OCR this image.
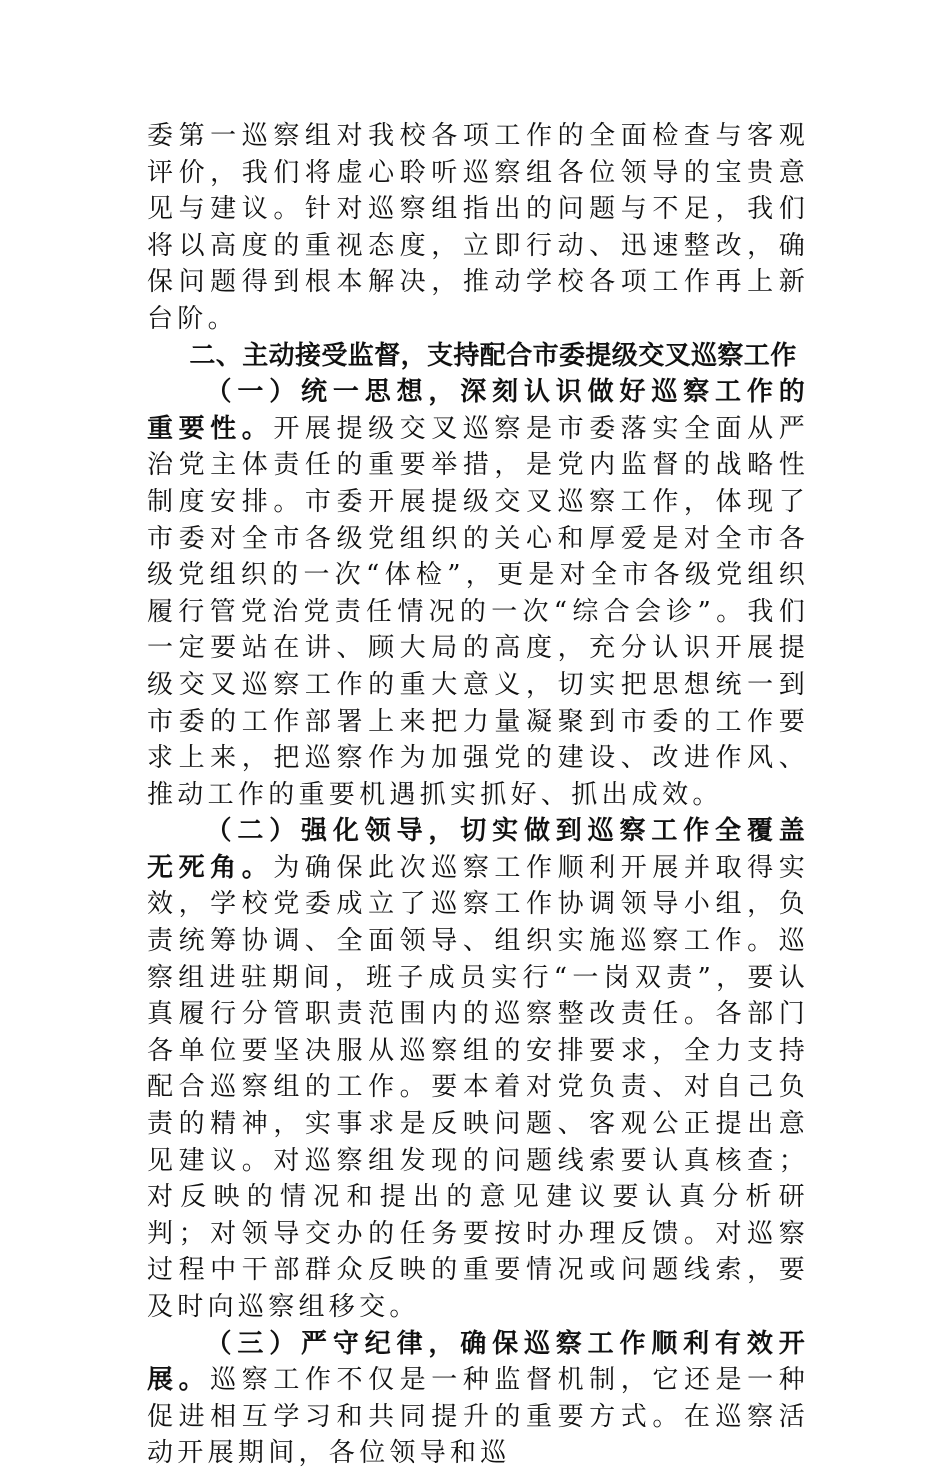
委第一巡察组对我校各项工作的全面检查与客观评价，我们将虚心聆听巡察组各位领导的宝贵意见与建议。针对巡察组指出的问题与不足，我们将以高度的重视态度，立即行动、迅速整改，确保问题得到根本解决，推动学校各项工作再上新台阶。

二、主动接受监督，支持配合市委提级交叉巡察工作

（一）统一思想，深刻认识做好巡察工作的重要性。开展提级交叉巡察是市委落实全面从严治党主体责任的重要举措，是党内监督的战略性制度安排。市委开展提级交叉巡察工作，体现了市委对全市各级党组织的关心和厚爱是对全市各级党组织的一次“体检”，更是对全市各级党组织履行管党治党责任情况的一次“综合会诊”。我们一定要站在讲、顾大局的高度，充分认识开展提级交叉巡察工作的重大意义，切实把思想统一到市委的工作部署上来把力量凝聚到市委的工作要求上来，把巡察作为加强党的建设、改进作风、推动工作的重要机遇抓实抓好、抓出成效。

（二）强化领导，切实做到巡察工作全覆盖无死角。为确保此次巡察工作顺利开展并取得实效，学校党委成立了巡察工作协调领导小组，负责统筹协调、全面领导、组织实施巡察工作。巡察组进驻期间，班子成员实行“一岗双责”，要认真履行分管职责范围内的巡察整改责任。各部门各单位要坚决服从巡察组的安排要求，全力支持配合巡察组的工作。要本着对党负责、对自己负责的精神，实事求是反映问题、客观公正提出意见建议。对巡察组发现的问题线索要认真核查；对反映的情况和提出的意见建议要认真分析研判；对领导交办的任务要按时办理反馈。对巡察过程中干部群众反映的重要情况或问题线索，要及时向巡察组移交。

（三）严守纪律，确保巡察工作顺利有效开展。巡察工作不仅是一种监督机制，它还是一种促进相互学习和共同提升的重要方式。在巡察活动开展期间，各位领导和巡
